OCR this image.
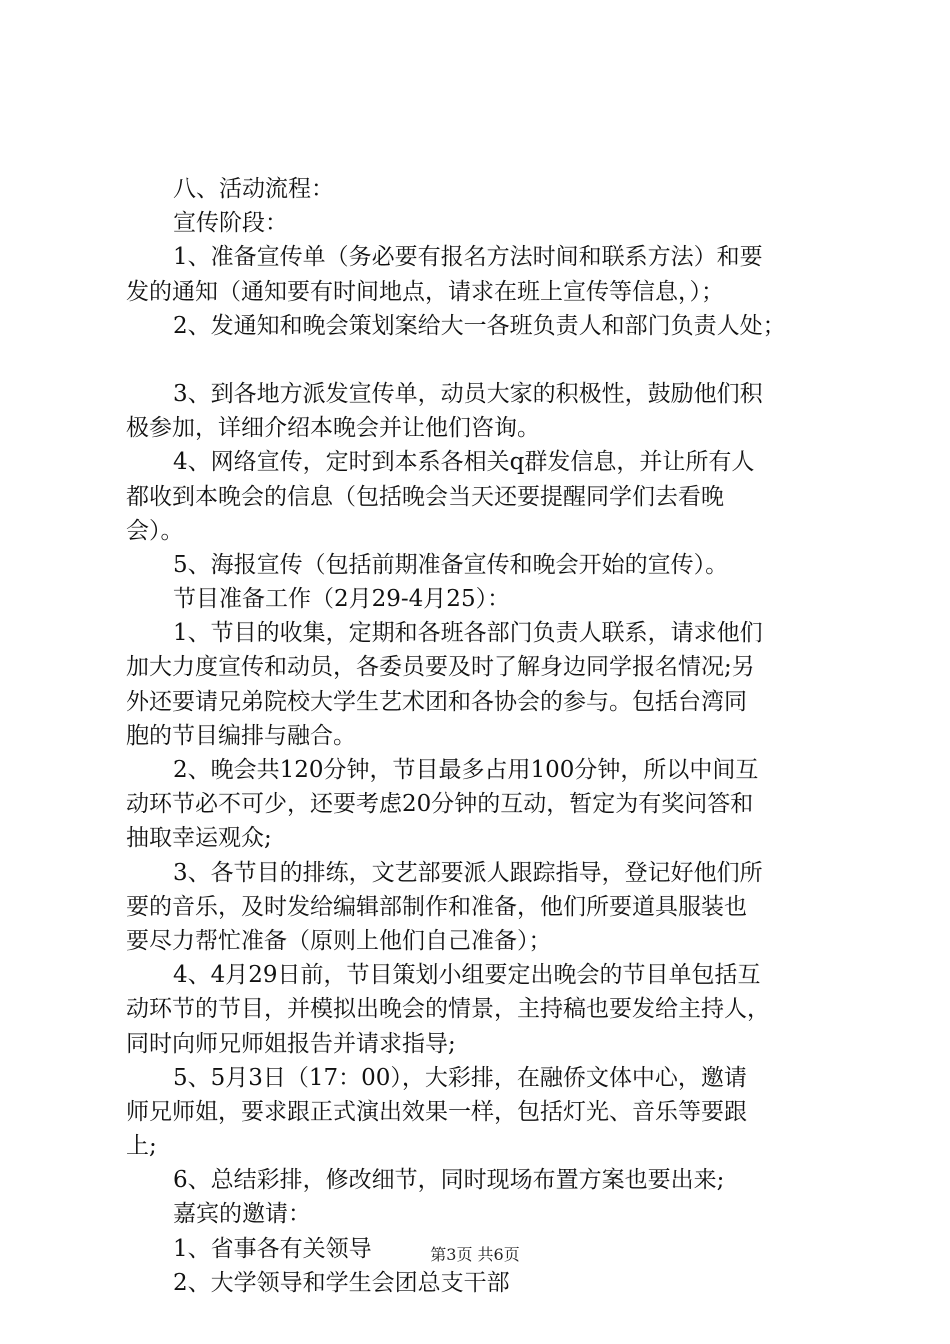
八、活动流程：
宣传阶段：
1、准备宣传单（务必要有报名方法时间和联系方法）和要
发的通知（通知要有时间地点，请求在班上宣传等信息，）；
2、发通知和晚会策划案给大一各班负责人和部门负责人处；
3、到各地方派发宣传单，动员大家的积极性，鼓励他们积
极参加，详细介绍本晚会并让他们咨询。
4、网络宣传，定时到本系各相关q群发信息，并让所有人
都收到本晚会的信息（包括晚会当天还要提醒同学们去看晚
会）。
5、海报宣传（包括前期准备宣传和晚会开始的宣传）。
节目准备工作（2月29-4月25）：
1、节目的收集，定期和各班各部门负责人联系，请求他们
加大力度宣传和动员，各委员要及时了解身边同学报名情况;另
外还要请兄弟院校大学生艺术团和各协会的参与。包括台湾同
胞的节目编排与融合。
2、晚会共120分钟，节目最多占用100分钟，所以中间互
动环节必不可少，还要考虑20分钟的互动，暂定为有奖问答和
抽取幸运观众;
3、各节目的排练，文艺部要派人跟踪指导，登记好他们所
要的音乐，及时发给编辑部制作和准备，他们所要道具服装也
要尽力帮忙准备（原则上他们自己准备）；
4、4月29日前，节目策划小组要定出晚会的节目单包括互
动环节的节目，并模拟出晚会的情景，主持稿也要发给主持人，
同时向师兄师姐报告并请求指导;
5、5月3日（17：00），大彩排，在融侨文体中心，邀请
师兄师姐，要求跟正式演出效果一样，包括灯光、音乐等要跟
上;
6、总结彩排，修改细节，同时现场布置方案也要出来;
嘉宾的邀请：
1、省事各有关领导
2、大学领导和学生会团总支干部
第3页 共6页
